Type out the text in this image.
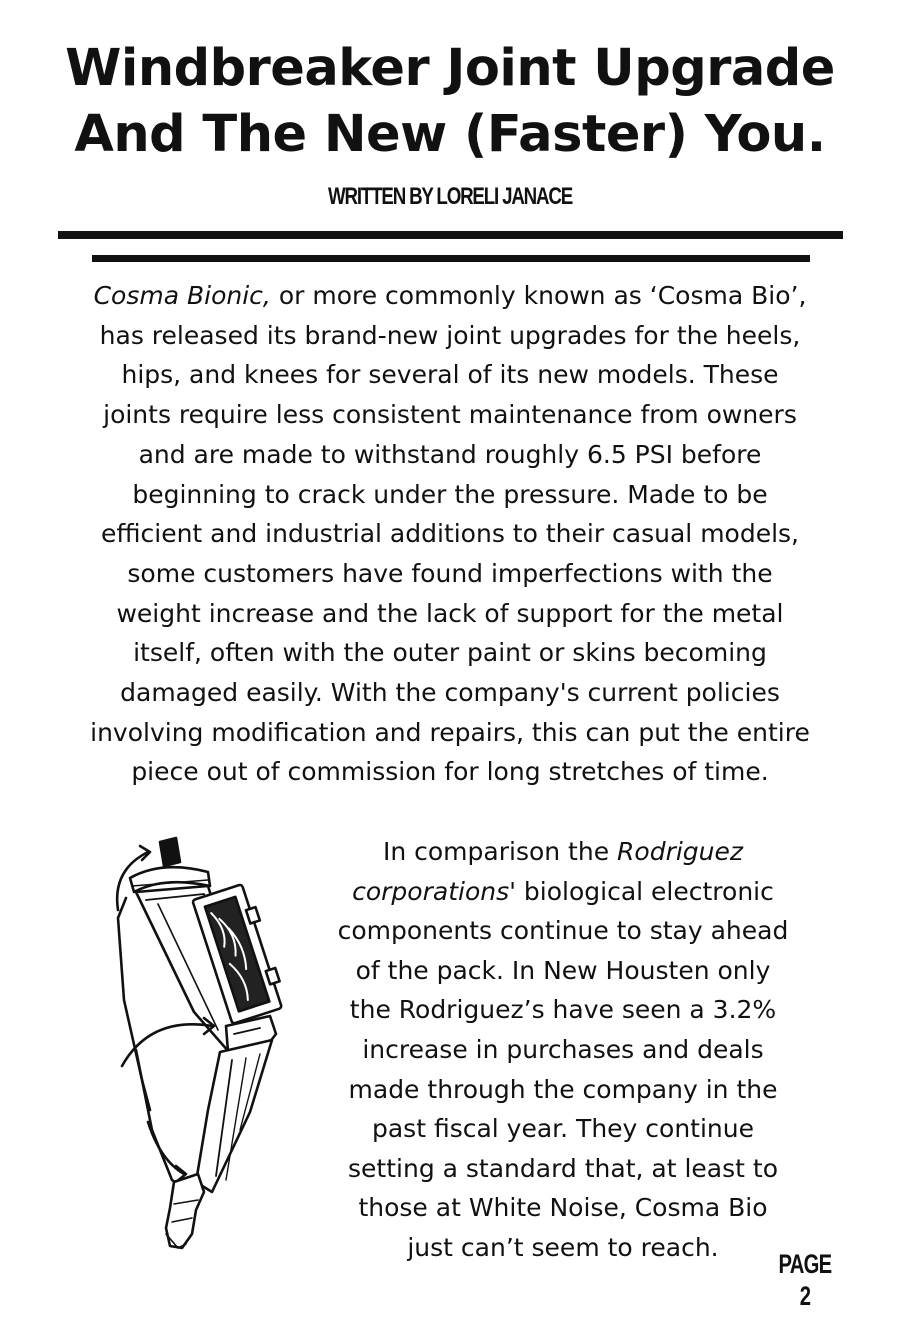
Windbreaker Joint Upgrade
And The New (Faster) You.
WRITTEN BY LORELI JANACE

Cosma Bionic, or more commonly known as ‘Cosma Bio’,
has released its brand-new joint upgrades for the heels,
hips, and knees for several of its new models. These
joints require less consistent maintenance from owners
and are made to withstand roughly 6.5 PSI before
beginning to crack under the pressure. Made to be
efficient and industrial additions to their casual models,
some customers have found imperfections with the
weight increase and the lack of support for the metal
itself, often with the outer paint or skins becoming
damaged easily. With the company's current policies
involving modification and repairs, this can put the entire
piece out of commission for long stretches of time.

In comparison the Rodriguez
corporations' biological electronic
components continue to stay ahead
of the pack. In New Housten only
the Rodriguez’s have seen a 3.2%
increase in purchases and deals
made through the company in the
past fiscal year. They continue
setting a standard that, at least to
those at White Noise, Cosma Bio
just can’t seem to reach.

PAGE 2
